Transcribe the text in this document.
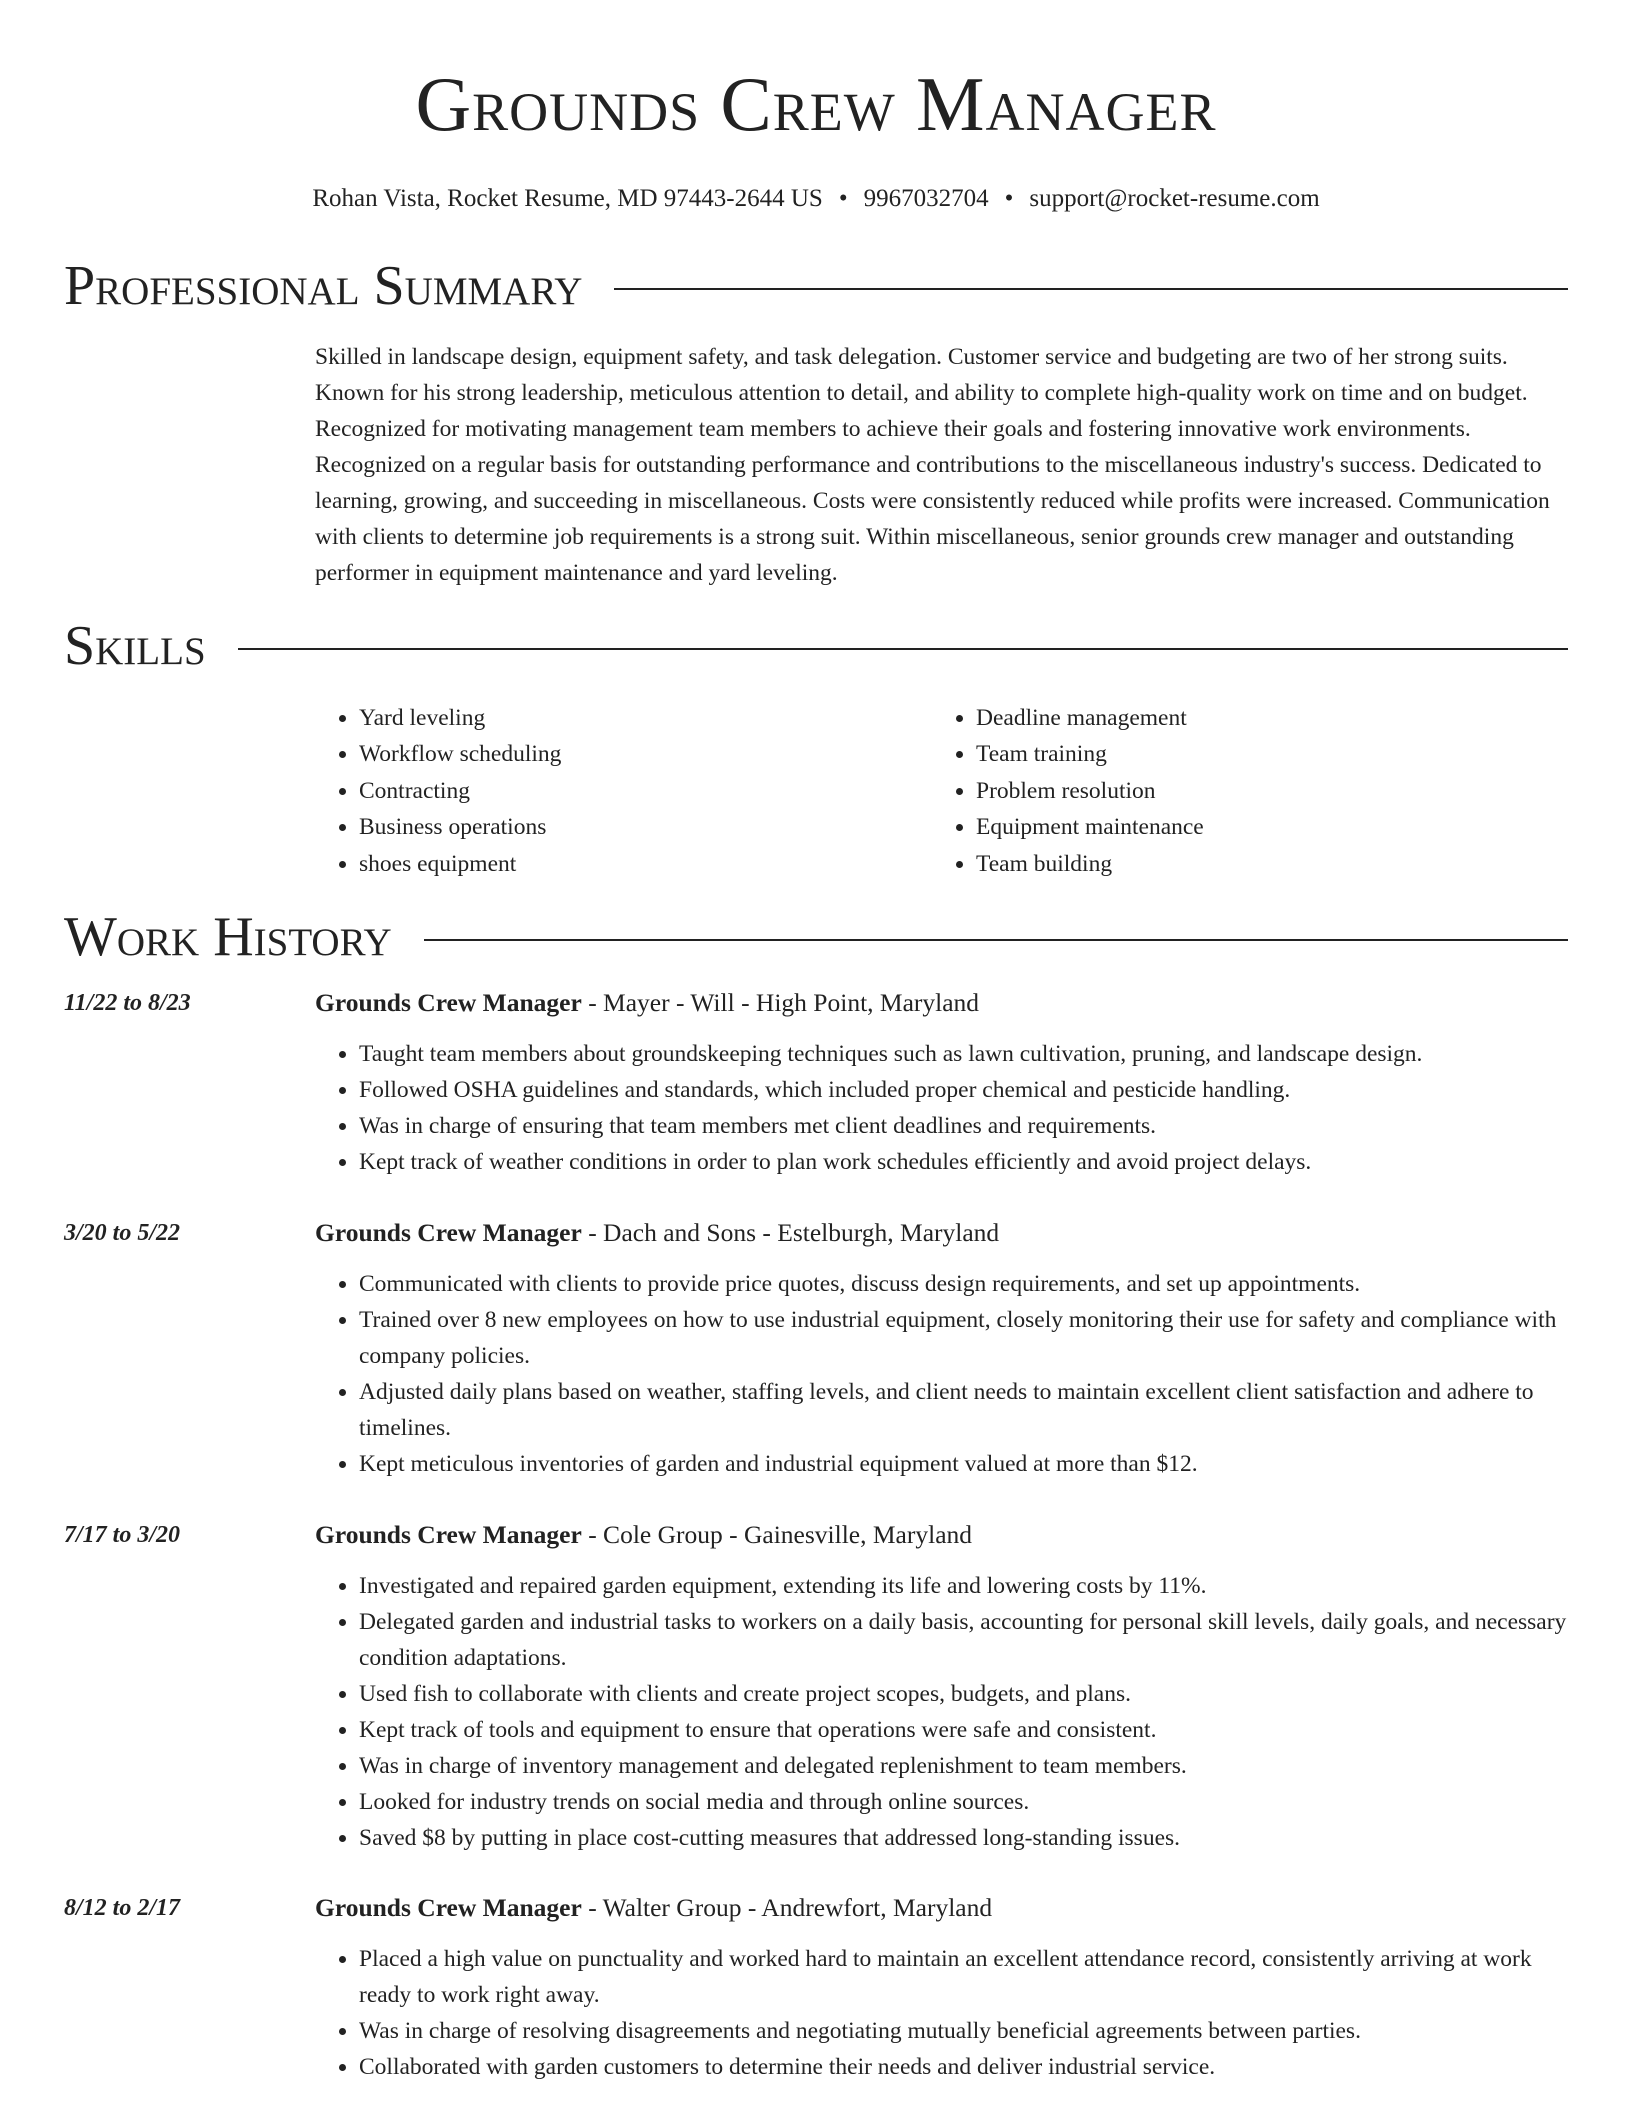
Grounds Crew Manager
Rohan Vista, Rocket Resume, MD 97443-2644 US • 9967032704 • support@rocket-resume.com
Professional Summary

Skilled in landscape design, equipment safety, and task delegation. Customer service and budgeting are two of her strong suits. Known for his strong leadership, meticulous attention to detail, and ability to complete high-quality work on time and on budget. Recognized for motivating management team members to achieve their goals and fostering innovative work environments. Recognized on a regular basis for outstanding performance and contributions to the miscellaneous industry's success. Dedicated to learning, growing, and succeeding in miscellaneous. Costs were consistently reduced while profits were increased. Communication with clients to determine job requirements is a strong suit. Within miscellaneous, senior grounds crew manager and outstanding performer in equipment maintenance and yard leveling.

Skills
• Yard leveling
• Workflow scheduling
• Contracting
• Business operations
• shoes equipment
• Deadline management
• Team training
• Problem resolution
• Equipment maintenance
• Team building
Work History
11/22 to 8/23	Grounds Crew Manager - Mayer - Will - High Point, Maryland
• Taught team members about groundskeeping techniques such as lawn cultivation, pruning, and landscape design.
• Followed OSHA guidelines and standards, which included proper chemical and pesticide handling.
• Was in charge of ensuring that team members met client deadlines and requirements.
• Kept track of weather conditions in order to plan work schedules efficiently and avoid project delays.
3/20 to 5/22	Grounds Crew Manager - Dach and Sons - Estelburgh, Maryland
• Communicated with clients to provide price quotes, discuss design requirements, and set up appointments.
• Trained over 8 new employees on how to use industrial equipment, closely monitoring their use for safety and compliance with company policies.
• Adjusted daily plans based on weather, staffing levels, and client needs to maintain excellent client satisfaction and adhere to timelines.
• Kept meticulous inventories of garden and industrial equipment valued at more than $12.
7/17 to 3/20	Grounds Crew Manager - Cole Group - Gainesville, Maryland
• Investigated and repaired garden equipment, extending its life and lowering costs by 11%.
• Delegated garden and industrial tasks to workers on a daily basis, accounting for personal skill levels, daily goals, and necessary condition adaptations.
• Used fish to collaborate with clients and create project scopes, budgets, and plans.
• Kept track of tools and equipment to ensure that operations were safe and consistent.
• Was in charge of inventory management and delegated replenishment to team members.
• Looked for industry trends on social media and through online sources.
• Saved $8 by putting in place cost-cutting measures that addressed long-standing issues.
8/12 to 2/17	Grounds Crew Manager - Walter Group - Andrewfort, Maryland
• Placed a high value on punctuality and worked hard to maintain an excellent attendance record, consistently arriving at work ready to work right away.
• Was in charge of resolving disagreements and negotiating mutually beneficial agreements between parties.
• Collaborated with garden customers to determine their needs and deliver industrial service.
